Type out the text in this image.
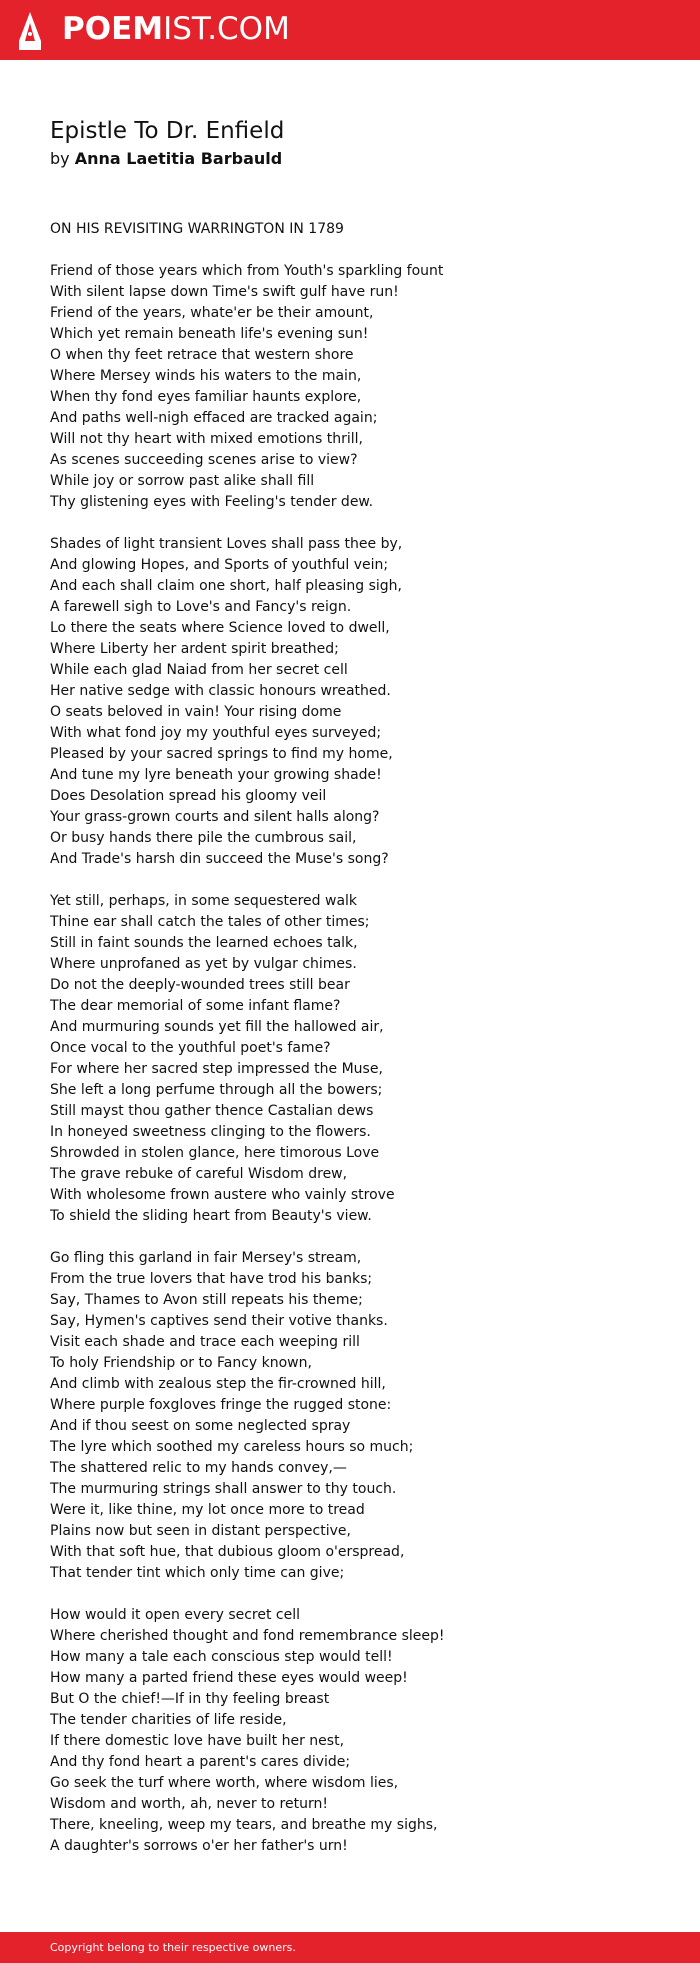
POEMIST.COM
Epistle To Dr. Enfield
by Anna Laetitia Barbauld
ON HIS REVISITING WARRINGTON IN 1789
Friend of those years which from Youth's sparkling fount
With silent lapse down Time's swift gulf have run!
Friend of the years, whate'er be their amount,
Which yet remain beneath life's evening sun!
O when thy feet retrace that western shore
Where Mersey winds his waters to the main,
When thy fond eyes familiar haunts explore,
And paths well-nigh effaced are tracked again;
Will not thy heart with mixed emotions thrill,
As scenes succeeding scenes arise to view?
While joy or sorrow past alike shall fill
Thy glistening eyes with Feeling's tender dew.
Shades of light transient Loves shall pass thee by,
And glowing Hopes, and Sports of youthful vein;
And each shall claim one short, half pleasing sigh,
A farewell sigh to Love's and Fancy's reign.
Lo there the seats where Science loved to dwell,
Where Liberty her ardent spirit breathed;
While each glad Naiad from her secret cell
Her native sedge with classic honours wreathed.
O seats beloved in vain! Your rising dome
With what fond joy my youthful eyes surveyed;
Pleased by your sacred springs to find my home,
And tune my lyre beneath your growing shade!
Does Desolation spread his gloomy veil
Your grass-grown courts and silent halls along?
Or busy hands there pile the cumbrous sail,
And Trade's harsh din succeed the Muse's song?
Yet still, perhaps, in some sequestered walk
Thine ear shall catch the tales of other times;
Still in faint sounds the learned echoes talk,
Where unprofaned as yet by vulgar chimes.
Do not the deeply-wounded trees still bear
The dear memorial of some infant flame?
And murmuring sounds yet fill the hallowed air,
Once vocal to the youthful poet's fame?
For where her sacred step impressed the Muse,
She left a long perfume through all the bowers;
Still mayst thou gather thence Castalian dews
In honeyed sweetness clinging to the flowers.
Shrowded in stolen glance, here timorous Love
The grave rebuke of careful Wisdom drew,
With wholesome frown austere who vainly strove
To shield the sliding heart from Beauty's view.
Go fling this garland in fair Mersey's stream,
From the true lovers that have trod his banks;
Say, Thames to Avon still repeats his theme;
Say, Hymen's captives send their votive thanks.
Visit each shade and trace each weeping rill
To holy Friendship or to Fancy known,
And climb with zealous step the fir-crowned hill,
Where purple foxgloves fringe the rugged stone:
And if thou seest on some neglected spray
The lyre which soothed my careless hours so much;
The shattered relic to my hands convey,—
The murmuring strings shall answer to thy touch.
Were it, like thine, my lot once more to tread
Plains now but seen in distant perspective,
With that soft hue, that dubious gloom o'erspread,
That tender tint which only time can give;
How would it open every secret cell
Where cherished thought and fond remembrance sleep!
How many a tale each conscious step would tell!
How many a parted friend these eyes would weep!
But O the chief!—If in thy feeling breast
The tender charities of life reside,
If there domestic love have built her nest,
And thy fond heart a parent's cares divide;
Go seek the turf where worth, where wisdom lies,
Wisdom and worth, ah, never to return!
There, kneeling, weep my tears, and breathe my sighs,
A daughter's sorrows o'er her father's urn!
Copyright belong to their respective owners.
